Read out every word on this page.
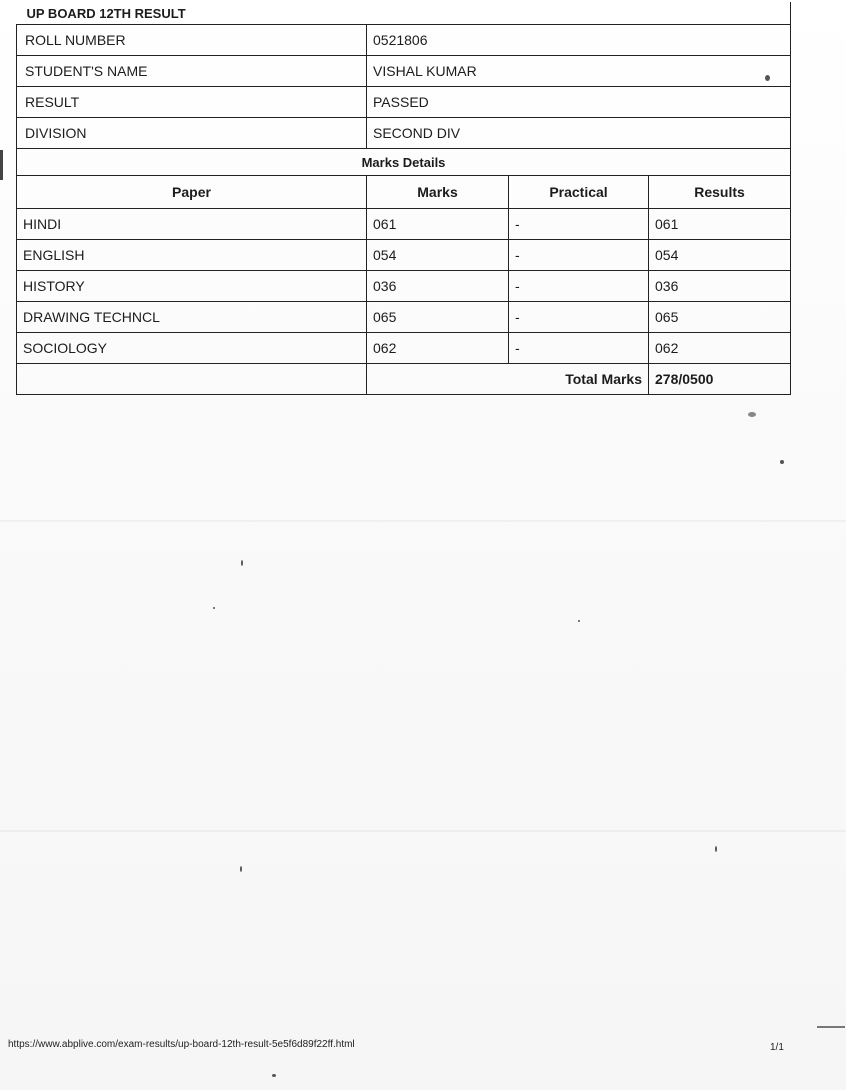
UP BOARD 12TH RESULT			
ROLL NUMBER	0521806		
STUDENT'S NAME	VISHAL KUMAR		
RESULT	PASSED		
DIVISION	SECOND DIV		
Marks Details			
Paper	Marks	Practical	Results
HINDI	061	-	061
ENGLISH	054	-	054
HISTORY	036	-	036
DRAWING TECHNCL	065	-	065
SOCIOLOGY	062	-	062
	Total Marks		278/0500
https://www.abplive.com/exam-results/up-board-12th-result-5e5f6d89f22ff.html	1/1
